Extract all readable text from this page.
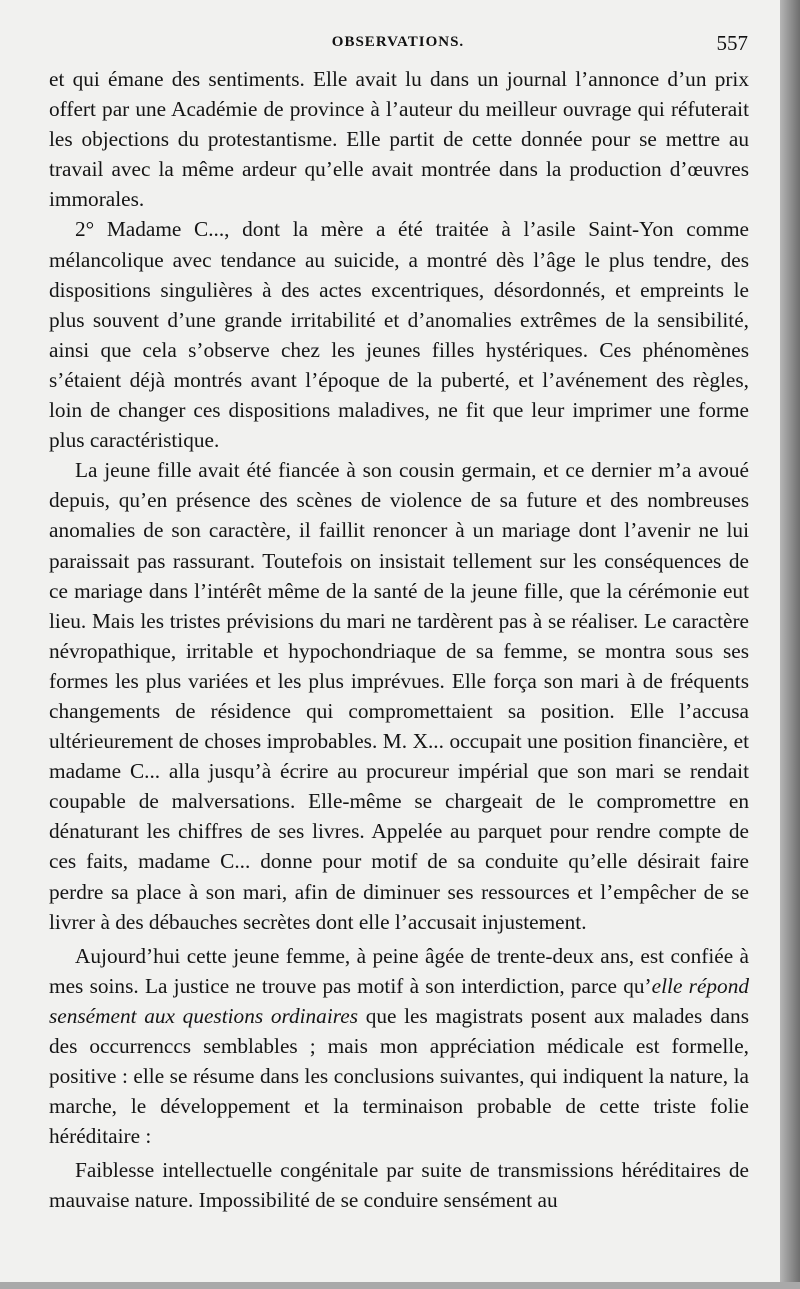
OBSERVATIONS.	557

et qui émane des sentiments. Elle avait lu dans un journal l’annonce d’un prix offert par une Académie de province à l’auteur du meilleur ouvrage qui réfuterait les objections du protestantisme. Elle partit de cette donnée pour se mettre au travail avec la même ardeur qu’elle avait montrée dans la production d’œuvres immorales.

2° Madame C..., dont la mère a été traitée à l’asile Saint-Yon comme mélancolique avec tendance au suicide, a montré dès l’âge le plus tendre, des dispositions singulières à des actes excentriques, désordonnés, et empreints le plus souvent d’une grande irritabilité et d’anomalies extrêmes de la sensibilité, ainsi que cela s’observe chez les jeunes filles hystériques. Ces phénomènes s’étaient déjà montrés avant l’époque de la puberté, et l’avénement des règles, loin de changer ces dispositions maladives, ne fit que leur imprimer une forme plus caractéristique.

La jeune fille avait été fiancée à son cousin germain, et ce dernier m’a avoué depuis, qu’en présence des scènes de violence de sa future et des nombreuses anomalies de son caractère, il faillit renoncer à un mariage dont l’avenir ne lui paraissait pas rassurant. Toutefois on insistait tellement sur les conséquences de ce mariage dans l’intérêt même de la santé de la jeune fille, que la cérémonie eut lieu. Mais les tristes prévisions du mari ne tardèrent pas à se réaliser. Le caractère névropathique, irritable et hypochondriaque de sa femme, se montra sous ses formes les plus variées et les plus imprévues. Elle força son mari à de fréquents changements de résidence qui compromettaient sa position. Elle l’accusa ultérieurement de choses improbables. M. X... occupait une position financière, et madame C... alla jusqu’à écrire au procureur impérial que son mari se rendait coupable de malversations. Elle-même se chargeait de le compromettre en dénaturant les chiffres de ses livres. Appelée au parquet pour rendre compte de ces faits, madame C... donne pour motif de sa conduite qu’elle désirait faire perdre sa place à son mari, afin de diminuer ses ressources et l’empêcher de se livrer à des débauches secrètes dont elle l’accusait injustement.

Aujourd’hui cette jeune femme, à peine âgée de trente-deux ans, est confiée à mes soins. La justice ne trouve pas motif à son interdiction, parce qu’elle répond sensément aux questions ordinaires que les magistrats posent aux malades dans des occurrenccs semblables ; mais mon appréciation médicale est formelle, positive : elle se résume dans les conclusions suivantes, qui indiquent la nature, la marche, le développement et la terminaison probable de cette triste folie héréditaire :

Faiblesse intellectuelle congénitale par suite de transmissions héréditaires de mauvaise nature. Impossibilité de se conduire sensément au
